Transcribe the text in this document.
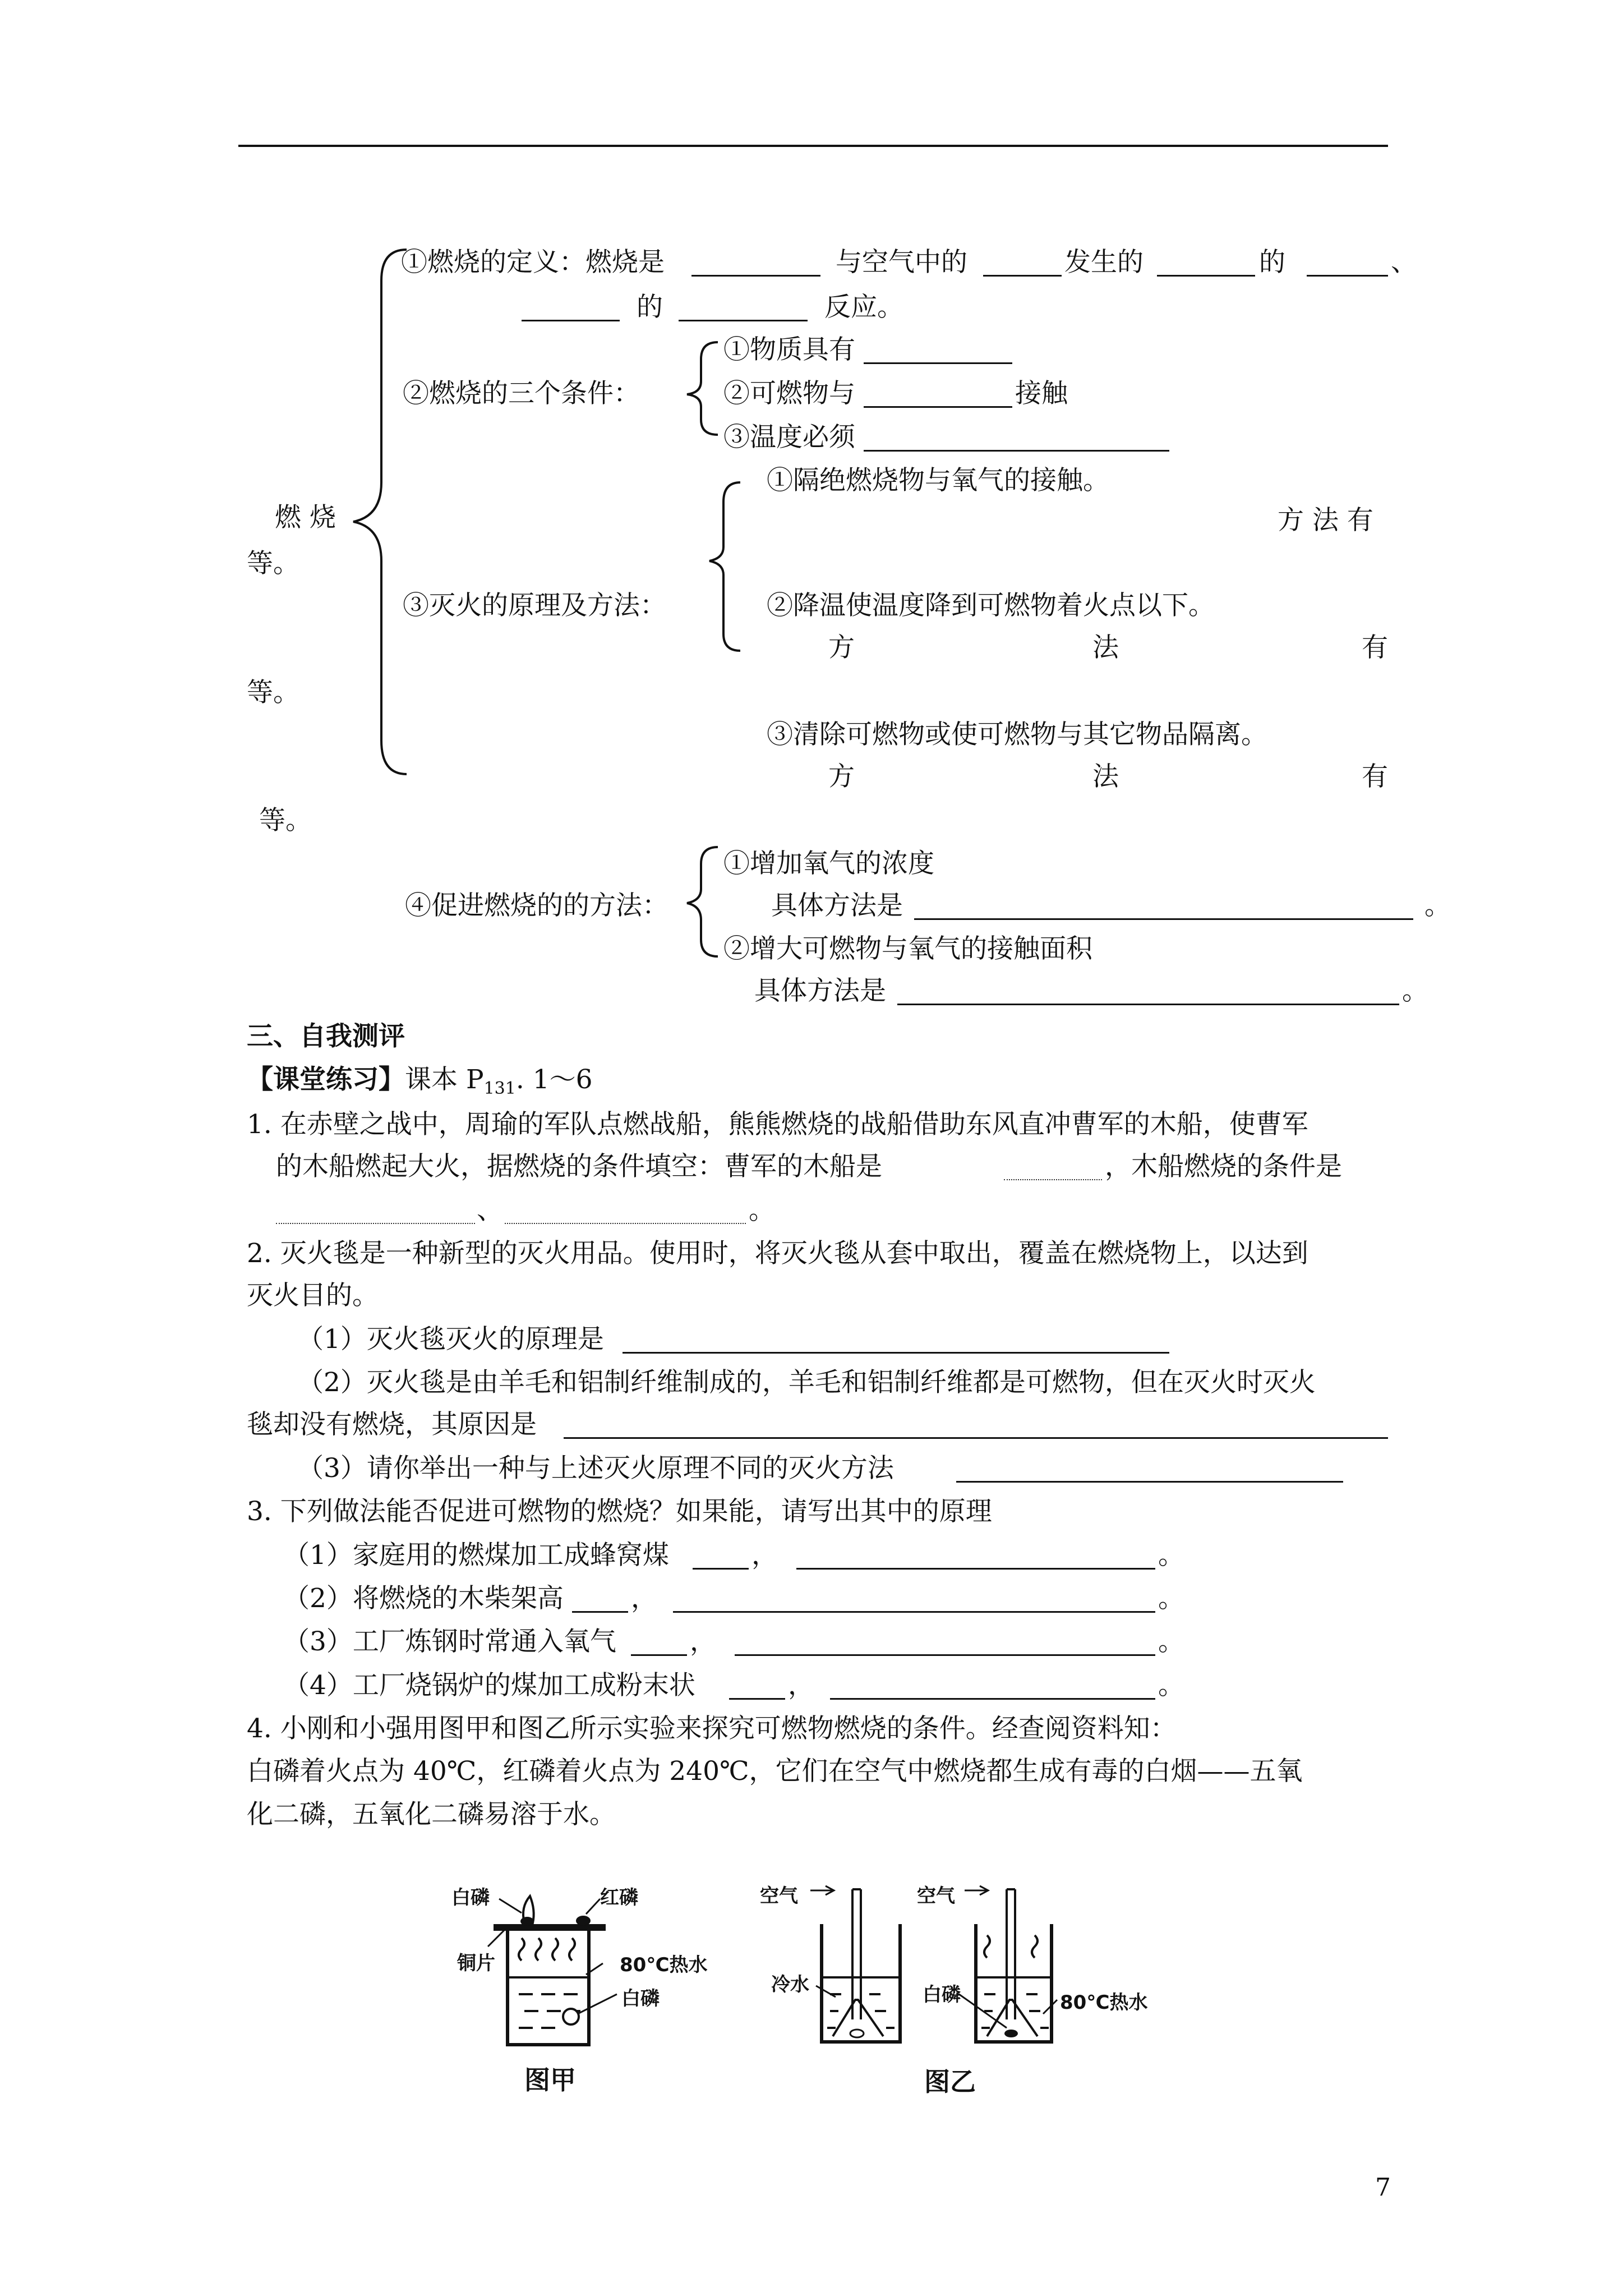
燃 烧
等。
①燃烧的定义：燃烧是	与空气中的	发生的	的	、
的	反应。
②燃烧的三个条件：
①物质具有
②可燃物与	接触
③温度必须
③灭火的原理及方法：
①隔绝燃烧物与氧气的接触。
方 法 有
②降温使温度降到可燃物着火点以下。
方	法	有
等。
③清除可燃物或使可燃物与其它物品隔离。
方	法	有
等。
④促进燃烧的的方法：
①增加氧气的浓度
具体方法是	。
②增大可燃物与氧气的接触面积
具体方法是	。
三、自我测评
【课堂练习】课本 $P_{131}$. 1～6
1. 在赤壁之战中，周瑜的军队点燃战船，熊熊燃烧的战船借助东风直冲曹军的木船，使曹军
的木船燃起大火，据燃烧的条件填空：曹军的木船是	，木船燃烧的条件是
、	。
2. 灭火毯是一种新型的灭火用品。使用时，将灭火毯从套中取出，覆盖在燃烧物上，以达到
灭火目的。
（1）灭火毯灭火的原理是
（2）灭火毯是由羊毛和铝制纤维制成的，羊毛和铝制纤维都是可燃物，但在灭火时灭火
毯却没有燃烧，其原因是
（3）请你举出一种与上述灭火原理不同的灭火方法
3. 下列做法能否促进可燃物的燃烧？如果能，请写出其中的原理
（1）家庭用的燃煤加工成蜂窝煤	，	。
（2）将燃烧的木柴架高	，	。
（3）工厂炼钢时常通入氧气	，	。
（4）工厂烧锅炉的煤加工成粉末状	，	。
4. 小刚和小强用图甲和图乙所示实验来探究可燃物燃烧的条件。经查阅资料知：
白磷着火点为 40℃，红磷着火点为 240℃，它们在空气中燃烧都生成有毒的白烟——五氧
化二磷，五氧化二磷易溶于水。
白磷	红磷
铜片	80℃热水
白磷
图甲
空气	空气
冷水	白磷	80℃热水
图乙
7
